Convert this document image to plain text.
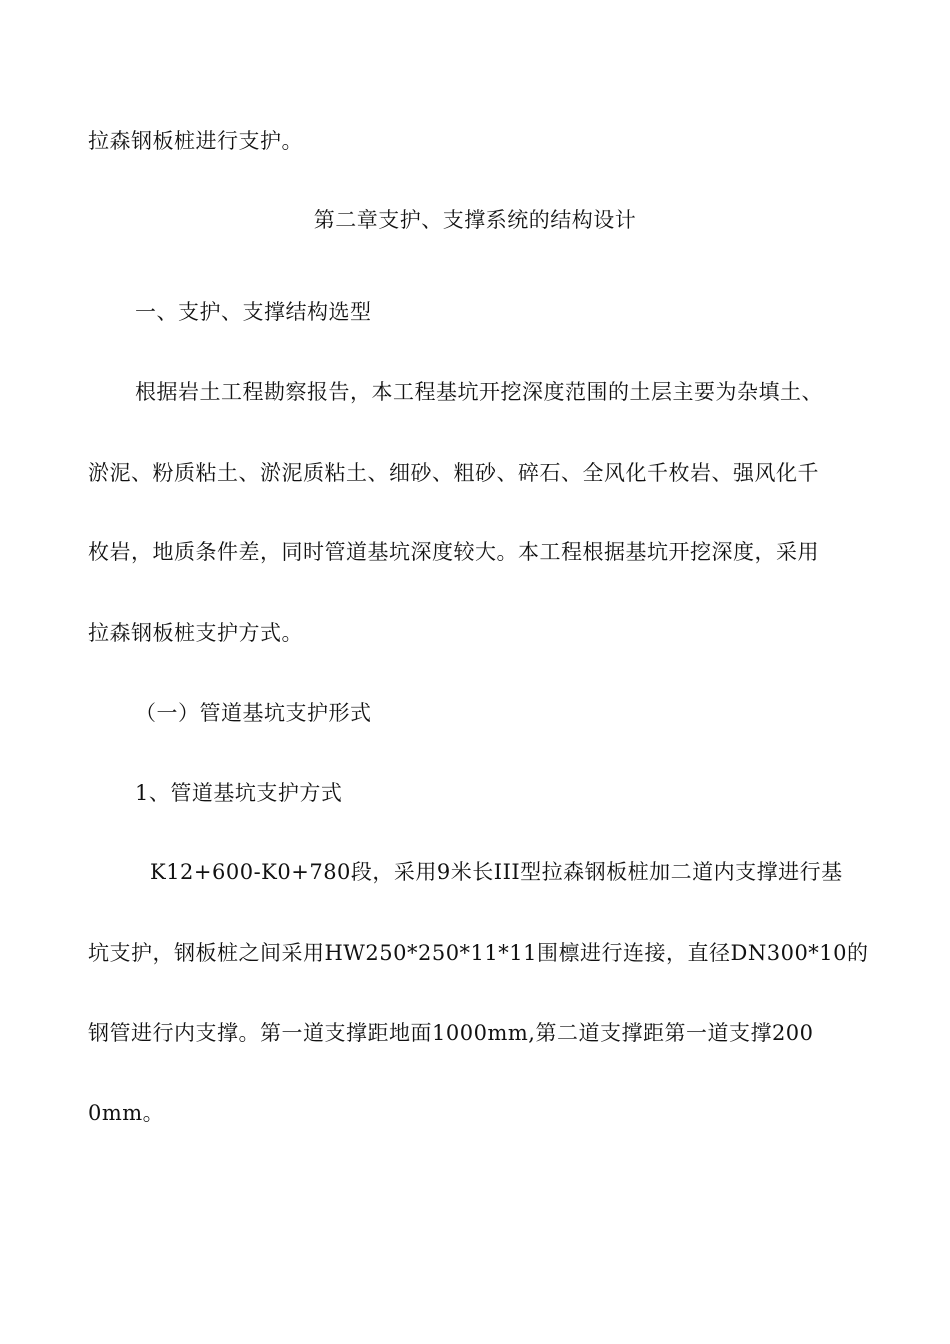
拉森钢板桩进行支护。
第二章支护、支撑系统的结构设计
一、支护、支撑结构选型
根据岩土工程勘察报告，本工程基坑开挖深度范围的土层主要为杂填土、
淤泥、粉质粘土、淤泥质粘土、细砂、粗砂、碎石、全风化千枚岩、强风化千
枚岩，地质条件差，同时管道基坑深度较大。本工程根据基坑开挖深度，采用
拉森钢板桩支护方式。
（一）管道基坑支护形式
1、管道基坑支护方式
K12+600-K0+780段，采用9米长III型拉森钢板桩加二道内支撑进行基
坑支护，钢板桩之间采用HW250*250*11*11围檩进行连接，直径DN300*10的
钢管进行内支撑。第一道支撑距地面1000mm,第二道支撑距第一道支撑200
0mm。
